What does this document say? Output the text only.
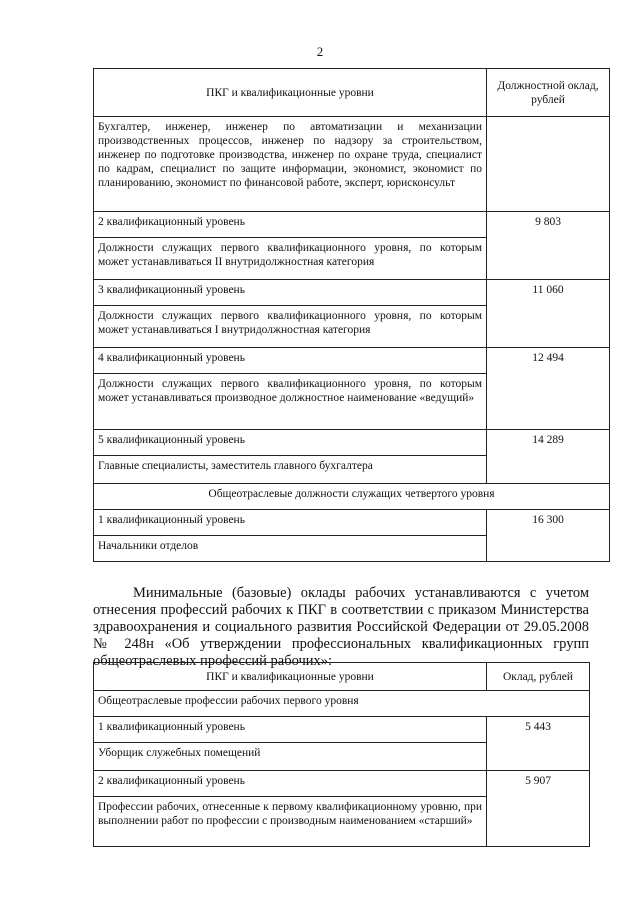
2
ПКГ и квалификационные уровни	Должностной оклад, рублей
Бухгалтер, инженер, инженер по автоматизации и механизации производственных процессов, инженер по надзору за строительством, инженер по подготовке производства, инженер по охране труда, специалист по кадрам, специалист по защите информации, экономист, экономист по планированию, экономист по финансовой работе, эксперт, юрисконсульт	
2 квалификационный уровень	9 803
Должности служащих первого квалификационного уровня, по которым может устанавливаться II внутридолжностная категория	
3 квалификационный уровень	11 060
Должности служащих первого квалификационного уровня, по которым может устанавливаться I внутридолжностная категория	
4 квалификационный уровень	12 494
Должности служащих первого квалификационного уровня, по которым может устанавливаться производное должностное наименование «ведущий»	
5 квалификационный уровень	14 289
Главные специалисты, заместитель главного бухгалтера	
Общеотраслевые должности служащих четвертого уровня	
1 квалификационный уровень	16 300
Начальники отделов	

Минимальные (базовые) оклады рабочих устанавливаются с учетом отнесения профессий рабочих к ПКГ в соответствии с приказом Министерства здравоохранения и социального развития Российской Федерации от 29.05.2008 № 248н «Об утверждении профессиональных квалификационных групп общеотраслевых профессий рабочих»:

ПКГ и квалификационные уровни	Оклад, рублей
Общеотраслевые профессии рабочих первого уровня	
1 квалификационный уровень	5 443
Уборщик служебных помещений	
2 квалификационный уровень	5 907
Профессии рабочих, отнесенные к первому квалификационному уровню, при выполнении работ по профессии с производным наименованием «старший»	
